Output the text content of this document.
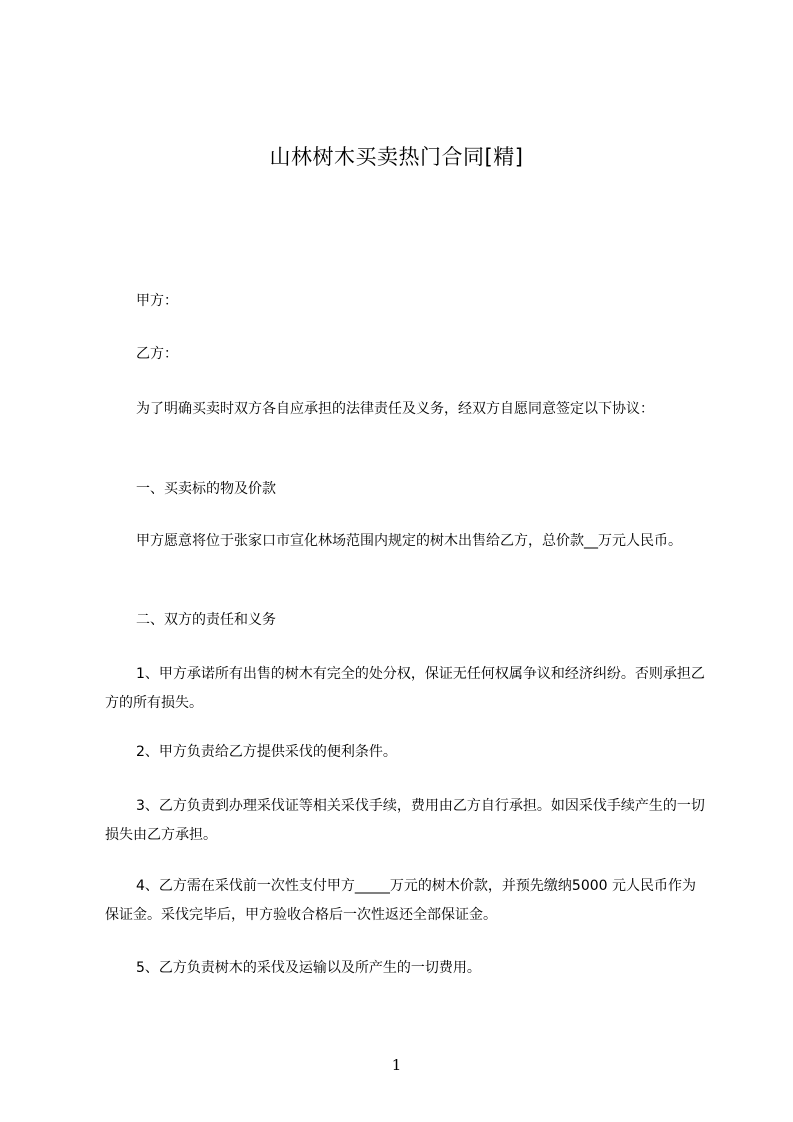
山林树木买卖热门合同[精]
甲方：
乙方：
为了明确买卖时双方各自应承担的法律责任及义务，经双方自愿同意签定以下协议：
一、买卖标的物及价款
甲方愿意将位于张家口市宣化林场范围内规定的树木出售给乙方，总价款__万元人民币。
二、双方的责任和义务
1、甲方承诺所有出售的树木有完全的处分权，保证无任何权属争议和经济纠纷。否则承担乙方的所有损失。
2、甲方负责给乙方提供采伐的便利条件。
3、乙方负责到办理采伐证等相关采伐手续，费用由乙方自行承担。如因采伐手续产生的一切损失由乙方承担。
4、乙方需在采伐前一次性支付甲方_____万元的树木价款，并预先缴纳5000 元人民币作为保证金。采伐完毕后，甲方验收合格后一次性返还全部保证金。
5、乙方负责树木的采伐及运输以及所产生的一切费用。
1
